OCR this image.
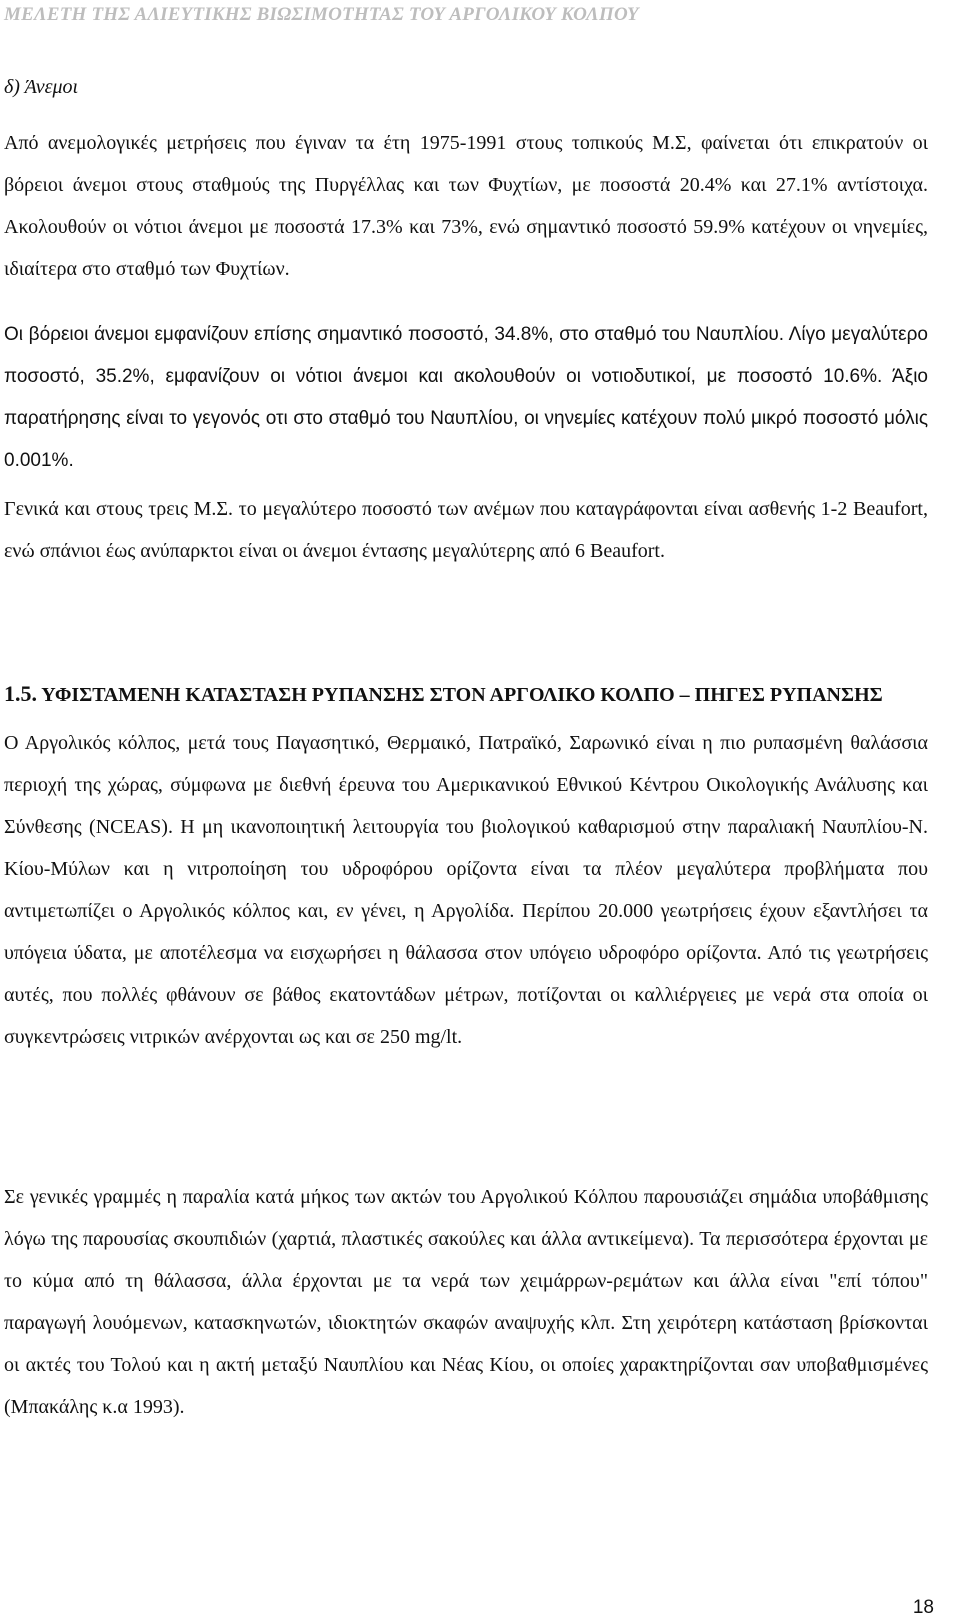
ΜΕΛΕΤΗ ΤΗΣ ΑΛΙΕΥΤΙΚΗΣ ΒΙΩΣΙΜΟΤΗΤΑΣ ΤΟΥ ΑΡΓΟΛΙΚΟΥ ΚΟΛΠΟΥ
δ) Άνεμοι

Από ανεμολογικές μετρήσεις που έγιναν τα έτη 1975-1991 στους τοπικούς Μ.Σ, φαίνεται ότι επικρατούν οι βόρειοι άνεμοι στους σταθμούς της Πυργέλλας και των Φυχτίων, με ποσοστά 20.4% και 27.1% αντίστοιχα. Ακολουθούν οι νότιοι άνεμοι με ποσοστά 17.3% και 73%, ενώ σημαντικό ποσοστό 59.9% κατέχουν οι νηνεμίες, ιδιαίτερα στο σταθμό των Φυχτίων.

Οι βόρειοι άνεμοι εμφανίζουν επίσης σημαντικό ποσοστό, 34.8%, στο σταθμό του Ναυπλίου. Λίγο μεγαλύτερο ποσοστό, 35.2%, εμφανίζουν οι νότιοι άνεμοι και ακολουθούν οι νοτιοδυτικοί, με ποσοστό 10.6%. Άξιο παρατήρησης είναι το γεγονός οτι στο σταθμό του Ναυπλίου, οι νηνεμίες κατέχουν πολύ μικρό ποσοστό μόλις 0.001%.

Γενικά και στους τρεις Μ.Σ. το μεγαλύτερο ποσοστό των ανέμων που καταγράφονται είναι ασθενής 1-2 Beaufort, ενώ σπάνιοι έως ανύπαρκτοι είναι οι άνεμοι έντασης μεγαλύτερης από 6 Beaufort.

1.5. ΥΦΙΣΤΑΜΕΝΗ ΚΑΤΑΣΤΑΣΗ ΡΥΠΑΝΣΗΣ ΣΤΟΝ ΑΡΓΟΛΙΚΟ ΚΟΛΠΟ – ΠΗΓΕΣ ΡΥΠΑΝΣΗΣ

Ο Αργολικός κόλπος, μετά τους Παγασητικό, Θερμαικό, Πατραϊκό, Σαρωνικό είναι η πιο ρυπασμένη θαλάσσια περιοχή της χώρας, σύμφωνα με διεθνή έρευνα του Αμερικανικού Εθνικού Κέντρου Οικολογικής Ανάλυσης και Σύνθεσης (NCEAS). Η μη ικανοποιητική λειτουργία του βιολογικού καθαρισμού στην παραλιακή Ναυπλίου-Ν. Κίου-Μύλων και η νιτροποίηση του υδροφόρου ορίζοντα είναι τα πλέον μεγαλύτερα προβλήματα που αντιμετωπίζει ο Αργολικός κόλπος και, εν γένει, η Αργολίδα. Περίπου 20.000 γεωτρήσεις έχουν εξαντλήσει τα υπόγεια ύδατα, με αποτέλεσμα να εισχωρήσει η θάλασσα στον υπόγειο υδροφόρο ορίζοντα. Από τις γεωτρήσεις αυτές, που πολλές φθάνουν σε βάθος εκατοντάδων μέτρων, ποτίζονται οι καλλιέργειες με νερά στα οποία οι συγκεντρώσεις νιτρικών ανέρχονται ως και σε 250 mg/lt.

Σε γενικές γραμμές η παραλία κατά μήκος των ακτών του Αργολικού Κόλπου παρουσιάζει σημάδια υποβάθμισης λόγω της παρουσίας σκουπιδιών (χαρτιά, πλαστικές σακούλες και άλλα αντικείμενα). Τα περισσότερα έρχονται με το κύμα από τη θάλασσα, άλλα έρχονται με τα νερά των χειμάρρων-ρεμάτων και άλλα είναι "επί τόπου" παραγωγή λουόμενων, κατασκηνωτών, ιδιοκτητών σκαφών αναψυχής κλπ. Στη χειρότερη κατάσταση βρίσκονται οι ακτές του Τολού και η ακτή μεταξύ Ναυπλίου και Νέας Κίου, οι οποίες χαρακτηρίζονται σαν υποβαθμισμένες (Μπακάλης κ.α 1993).

18
